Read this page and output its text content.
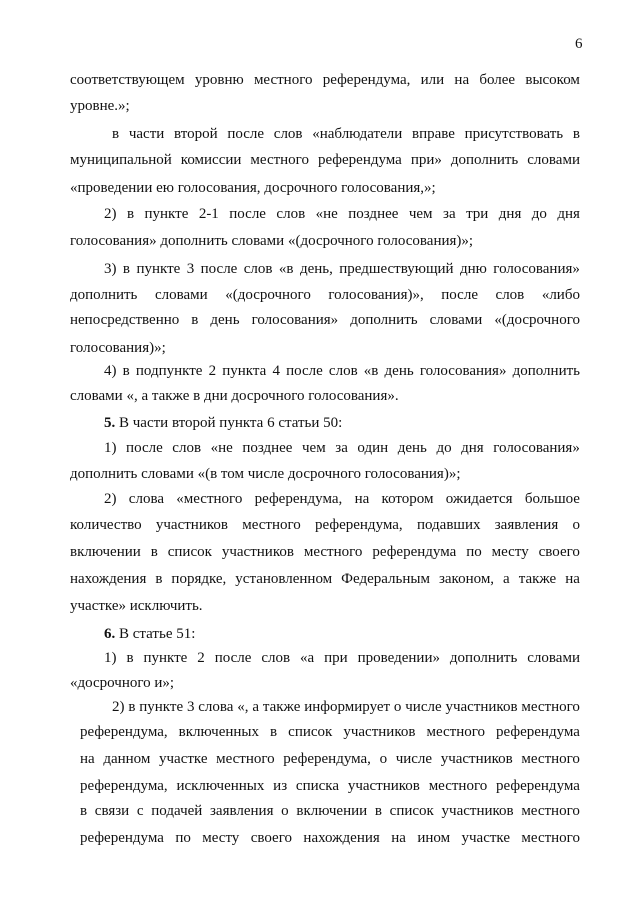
6
соответствующем уровню местного референдума, или на более высоком
уровне.»;
в части второй после слов «наблюдатели вправе присутствовать в
муниципальной комиссии местного референдума при» дополнить словами
«проведении ею голосования, досрочного голосования,»;
2) в пункте 2-1 после слов «не позднее чем за три дня до дня
голосования» дополнить словами «(досрочного голосования)»;
3) в пункте 3 после слов «в день, предшествующий дню голосования»
дополнить словами «(досрочного голосования)», после слов «либо
непосредственно в день голосования» дополнить словами «(досрочного
голосования)»;
4) в подпункте 2 пункта 4 после слов «в день голосования» дополнить
словами «, а также в дни досрочного голосования».
5. В части второй пункта 6 статьи 50:
1) после слов «не позднее чем за один день до дня голосования»
дополнить словами «(в том числе досрочного голосования)»;
2) слова «местного референдума, на котором ожидается большое
количество участников местного референдума, подавших заявления о
включении в список участников местного референдума по месту своего
нахождения в порядке, установленном Федеральным законом, а также на
участке» исключить.
6. В статье 51:
1) в пункте 2 после слов «а при проведении» дополнить словами
«досрочного и»;
2) в пункте 3 слова «, а также информирует о числе участников местного
референдума, включенных в список участников местного референдума
на данном участке местного референдума, о числе участников местного
референдума, исключенных из списка участников местного референдума
в связи с подачей заявления о включении в список участников местного
референдума по месту своего нахождения на ином участке местного
